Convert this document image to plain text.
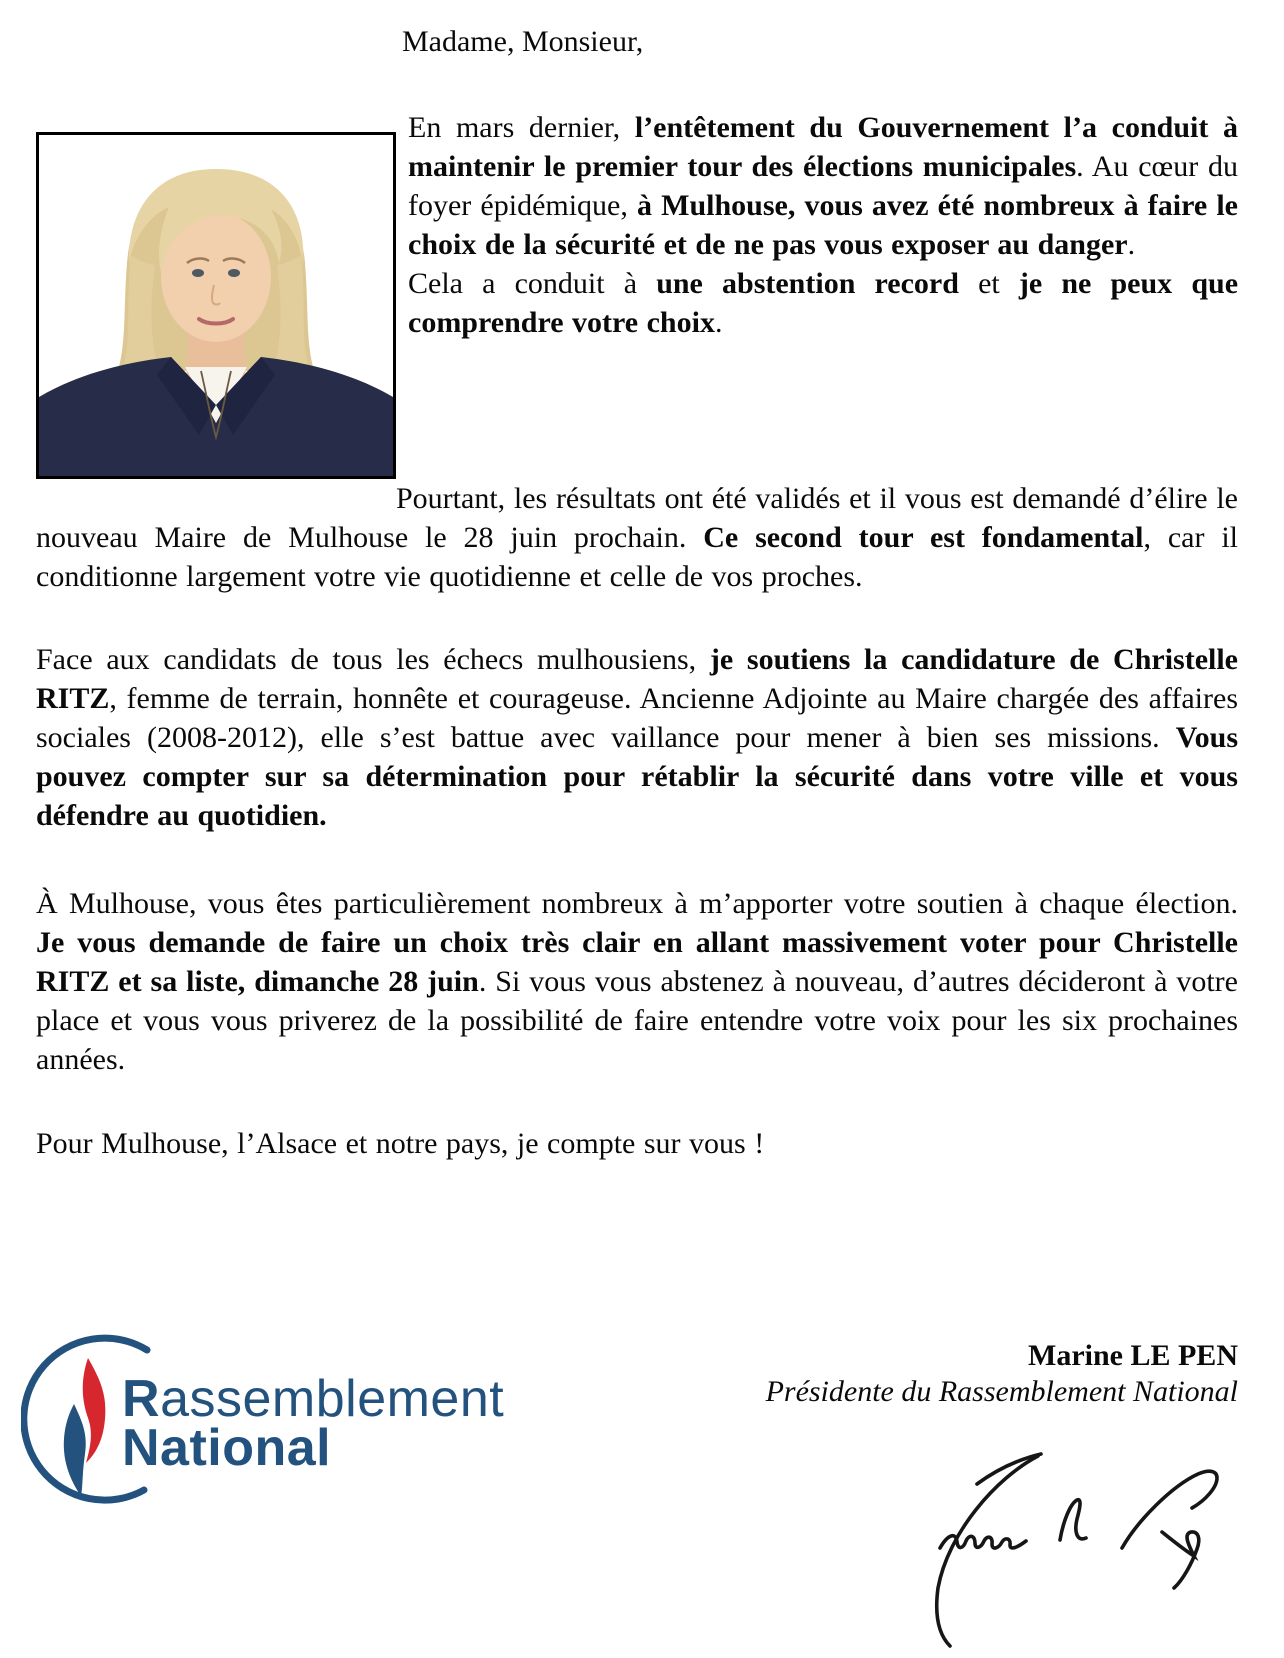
Madame, Monsieur,

En mars dernier, l’entêtement du Gouvernement l’a conduit à maintenir le premier tour des élections municipales. Au cœur du foyer épidémique, à Mulhouse, vous avez été nombreux à faire le choix de la sécurité et de ne pas vous exposer au danger.
Cela a conduit à une abstention record et je ne peux que comprendre votre choix.

Pourtant, les résultats ont été validés et il vous est demandé d’élire le nouveau Maire de Mulhouse le 28 juin prochain. Ce second tour est fondamental, car il conditionne largement votre vie quotidienne et celle de vos proches.

Face aux candidats de tous les échecs mulhousiens, je soutiens la candidature de Christelle RITZ, femme de terrain, honnête et courageuse. Ancienne Adjointe au Maire chargée des affaires sociales (2008-2012), elle s’est battue avec vaillance pour mener à bien ses missions. Vous pouvez compter sur sa détermination pour rétablir la sécurité dans votre ville et vous défendre au quotidien.

À Mulhouse, vous êtes particulièrement nombreux à m’apporter votre soutien à chaque élection. Je vous demande de faire un choix très clair en allant massivement voter pour Christelle RITZ et sa liste, dimanche 28 juin. Si vous vous abstenez à nouveau, d’autres décideront à votre place et vous vous priverez de la possibilité de faire entendre votre voix pour les six prochaines années.

Pour Mulhouse, l’Alsace et notre pays, je compte sur vous !

Rassemblement
National
Marine LE PEN
Présidente du Rassemblement National
